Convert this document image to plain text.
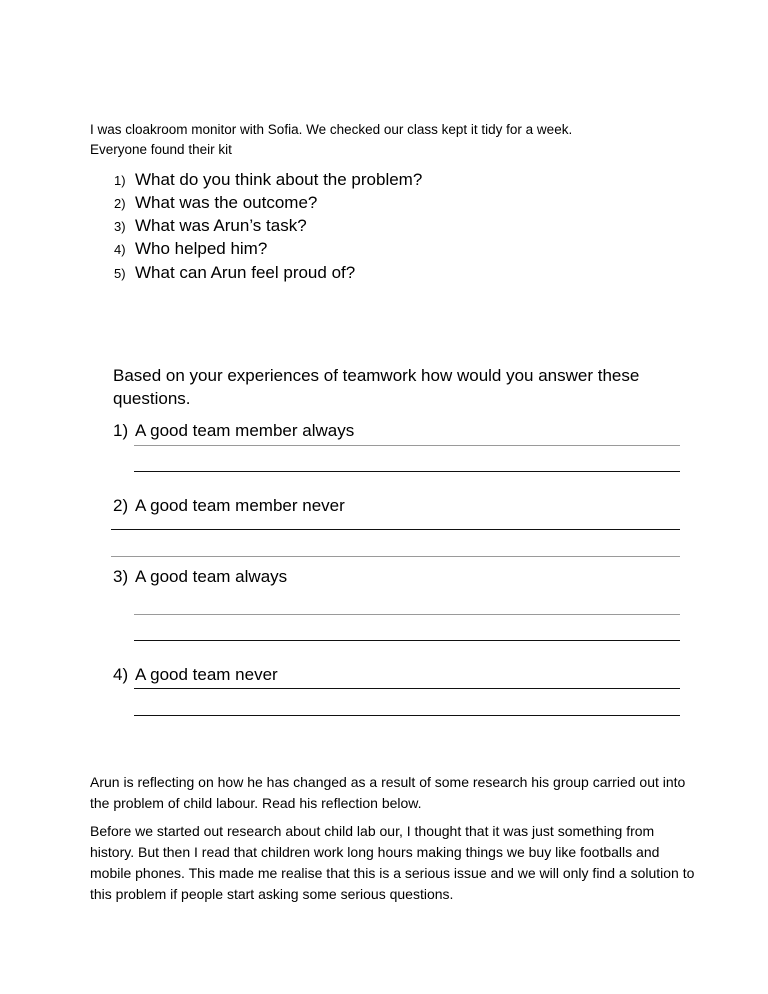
I was cloakroom monitor with Sofia. We checked our class kept it tidy for a week.
Everyone found their kit
1) What do you think about the problem?
2) What was the outcome?
3) What was Arun’s task?
4) Who helped him?
5) What can Arun feel proud of?
Based on your experiences of teamwork how would you answer these questions.
1) A good team member always
2) A good team member never
3) A good team always
4) A good team never
Arun is reflecting on how he has changed as a result of some research his group carried out into the problem of child labour. Read his reflection below.
Before we started out research about child lab our, I thought that it was just something from history. But then I read that children work long hours making things we buy like footballs and mobile phones. This made me realise that this is a serious issue and we will only find a solution to this problem if people start asking some serious questions.
